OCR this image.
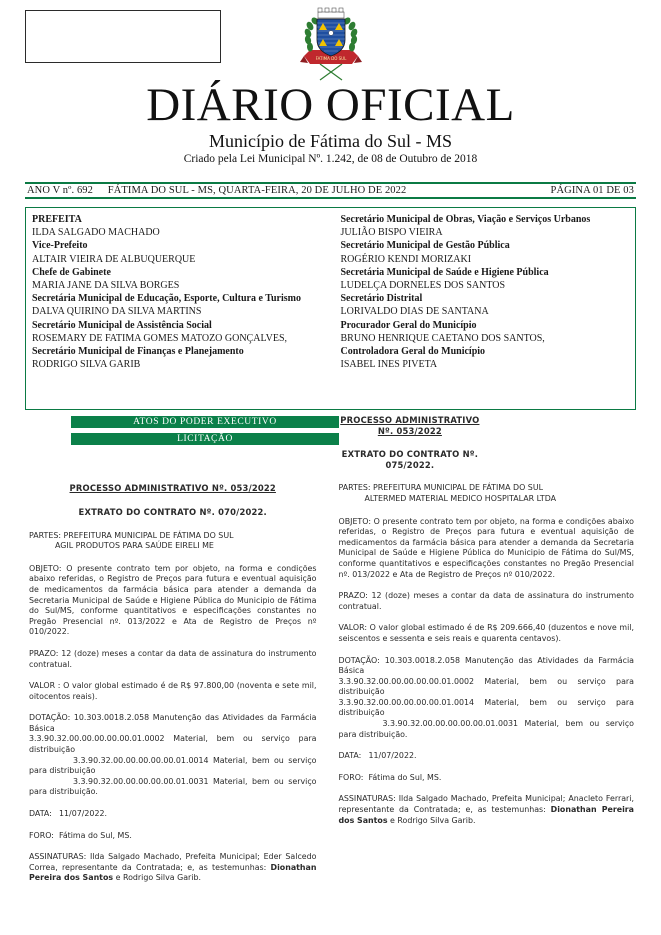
FATIMA DO SUL
DIÁRIO OFICIAL
Município de Fátima do Sul - MS
Criado pela Lei Municipal Nº. 1.242, de 08 de Outubro de 2018
ANO V nº. 692 FÁTIMA DO SUL - MS, QUARTA-FEIRA, 20 DE JULHO DE 2022	PÁGINA 01 DE 03
PREFEITA
ILDA SALGADO MACHADO
Vice-Prefeito
ALTAIR VIEIRA DE ALBUQUERQUE
Chefe de Gabinete
MARIA JANE DA SILVA BORGES
Secretária Municipal de Educação, Esporte, Cultura e Turismo
DALVA QUIRINO DA SILVA MARTINS
Secretário Municipal de Assistência Social
ROSEMARY DE FATIMA GOMES MATOZO GONÇALVES,
Secretário Municipal de Finanças e Planejamento
RODRIGO SILVA GARIB
Secretário Municipal de Obras, Viação e Serviços Urbanos
JULIÃO BISPO VIEIRA
Secretário Municipal de Gestão Pública
ROGÉRIO KENDI MORIZAKI
Secretária Municipal de Saúde e Higiene Pública
LUDELÇA DORNELES DOS SANTOS
Secretário Distrital
LORIVALDO DIAS DE SANTANA
Procurador Geral do Município
BRUNO HENRIQUE CAETANO DOS SANTOS,
Controladora Geral do Município
ISABEL INES PIVETA
ATOS DO PODER EXECUTIVO
LICITAÇÃO
PROCESSO ADMINISTRATIVO Nº. 053/2022
EXTRATO DO CONTRATO Nº. 075/2022.
PROCESSO ADMINISTRATIVO Nº. 053/2022
EXTRATO DO CONTRATO Nº. 070/2022.
PARTES: PREFEITURA MUNICIPAL DE FÁTIMA DO SUL
AGIL PRODUTOS PARA SAÚDE EIRELI ME
OBJETO: O presente contrato tem por objeto, na forma e condições abaixo referidas, o Registro de Preços para futura e eventual aquisição de medicamentos da farmácia básica para atender a demanda da Secretaria Municipal de Saúde e Higiene Pública do Municipio de Fátima do Sul/MS, conforme quantitativos e especificações constantes no Pregão Presencial nº. 013/2022 e Ata de Registro de Preços nº 010/2022.
PRAZO: 12 (doze) meses a contar da data de assinatura do instrumento contratual.
VALOR : O valor global estimado é de R$ 97.800,00 (noventa e sete mil, oitocentos reais).
DOTAÇÃO: 10.303.0018.2.058 Manutenção das Atividades da Farmácia Básica
3.3.90.32.00.00.00.00.00.01.0002 Material, bem ou serviço para distribuição
3.3.90.32.00.00.00.00.00.01.0014 Material, bem ou serviço para distribuição
3.3.90.32.00.00.00.00.00.01.0031 Material, bem ou serviço para distribuição.
DATA: 11/07/2022.
FORO: Fátima do Sul, MS.
ASSINATURAS: Ilda Salgado Machado, Prefeita Municipal; Eder Salcedo Correa, representante da Contratada; e, as testemunhas: Dionathan Pereira dos Santos e Rodrigo Silva Garib.
PARTES: PREFEITURA MUNICIPAL DE FÁTIMA DO SUL
ALTERMED MATERIAL MEDICO HOSPITALAR LTDA
OBJETO: O presente contrato tem por objeto, na forma e condições abaixo referidas, o Registro de Preços para futura e eventual aquisição de medicamentos da farmácia básica para atender a demanda da Secretaria Municipal de Saúde e Higiene Pública do Municipio de Fátima do Sul/MS, conforme quantitativos e especificações constantes no Pregão Presencial nº. 013/2022 e Ata de Registro de Preços nº 010/2022.
PRAZO: 12 (doze) meses a contar da data de assinatura do instrumento contratual.
VALOR: O valor global estimado é de R$ 209.666,40 (duzentos e nove mil, seiscentos e sessenta e seis reais e quarenta centavos).
DOTAÇÃO: 10.303.0018.2.058 Manutenção das Atividades da Farmácia Básica
3.3.90.32.00.00.00.00.00.01.0002 Material, bem ou serviço para distribuição
3.3.90.32.00.00.00.00.00.01.0014 Material, bem ou serviço para distribuição
3.3.90.32.00.00.00.00.00.01.0031 Material, bem ou serviço para distribuição.
DATA: 11/07/2022.
FORO: Fátima do Sul, MS.
ASSINATURAS: Ilda Salgado Machado, Prefeita Municipal; Anacleto Ferrari, representante da Contratada; e, as testemunhas: Dionathan Pereira dos Santos e Rodrigo Silva Garib.
